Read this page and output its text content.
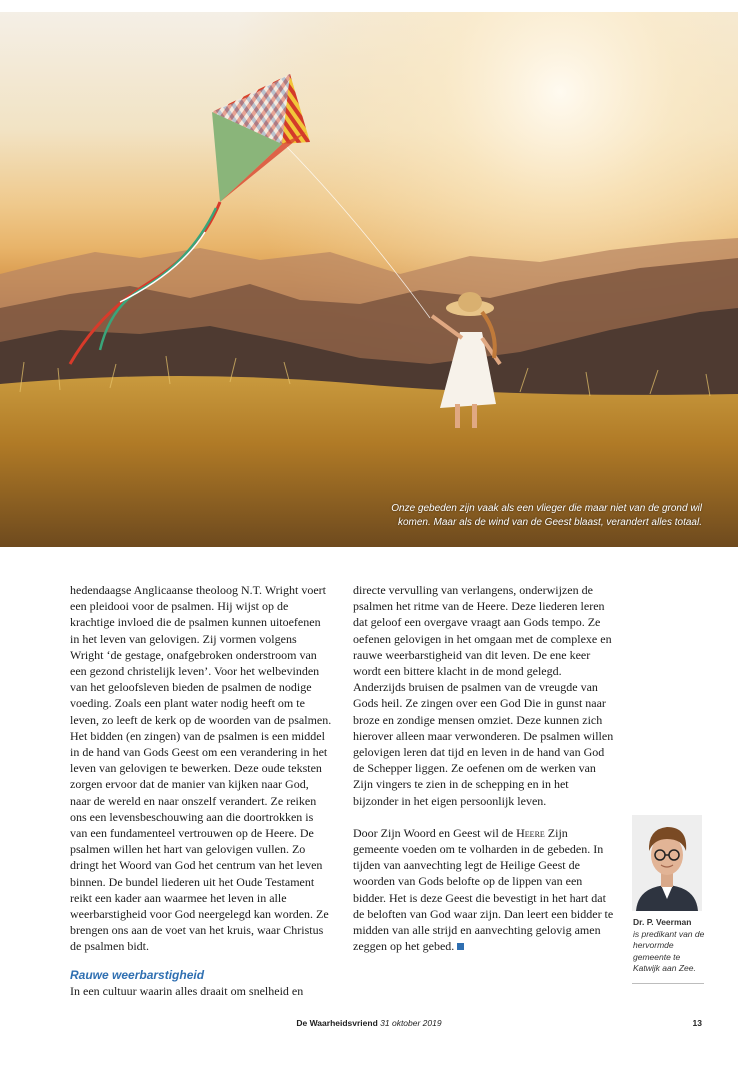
Onze gebeden zijn vaak als een vlieger die maar niet van de grond wil
komen. Maar als de wind van de Geest blaast, verandert alles totaal.

hedendaagse Anglicaanse theoloog N.T. Wright voert een pleidooi voor de psalmen. Hij wijst op de krachtige invloed die de psalmen kunnen uitoefenen in het leven van gelovigen. Zij vormen volgens Wright ‘de gestage, onafgebroken onderstroom van een gezond christelijk leven’. Voor het welbevinden van het geloofsleven bieden de psalmen de nodige voeding. Zoals een plant water nodig heeft om te leven, zo leeft de kerk op de woorden van de psalmen. Het bidden (en zingen) van de psalmen is een middel in de hand van Gods Geest om een verandering in het leven van gelovigen te bewerken. Deze oude teksten zorgen ervoor dat de manier van kijken naar God, naar de wereld en naar onszelf verandert. Ze reiken ons een levensbeschouwing aan die doortrokken is van een fundamenteel vertrouwen op de Heere. De psalmen willen het hart van gelovigen vullen. Zo dringt het Woord van God het centrum van het leven binnen. De bundel liederen uit het Oude Testament reikt een kader aan waarmee het leven in alle weerbarstigheid voor God neergelegd kan worden. Ze brengen ons aan de voet van het kruis, waar Christus de psalmen bidt.

Rauwe weerbarstigheid

In een cultuur waarin alles draait om snelheid en

directe vervulling van verlangens, onderwijzen de psalmen het ritme van de Heere. Deze liederen leren dat geloof een overgave vraagt aan Gods tempo. Ze oefenen gelovigen in het omgaan met de complexe en rauwe weerbarstigheid van dit leven. De ene keer wordt een bittere klacht in de mond gelegd. Anderzijds bruisen de psalmen van de vreugde van Gods heil. Ze zingen over een God Die in gunst naar broze en zondige mensen omziet. Deze kunnen zich hierover alleen maar verwonderen. De psalmen willen gelovigen leren dat tijd en leven in de hand van God de Schepper liggen. Ze oefenen om de werken van Zijn vingers te zien in de schepping en in het bijzonder in het eigen persoonlijk leven.

Door Zijn Woord en Geest wil de Heere Zijn gemeente voeden om te volharden in de gebeden. In tijden van aanvechting legt de Heilige Geest de woorden van Gods belofte op de lippen van een bidder. Het is deze Geest die bevestigt in het hart dat de beloften van God waar zijn. Dan leert een bidder te midden van alle strijd en aanvechting gelovig amen zeggen op het gebed.

Dr. P. Veerman
is predikant van de hervormde gemeente te Katwijk aan Zee.
De Waarheidsvriend 31 oktober 2019	13
